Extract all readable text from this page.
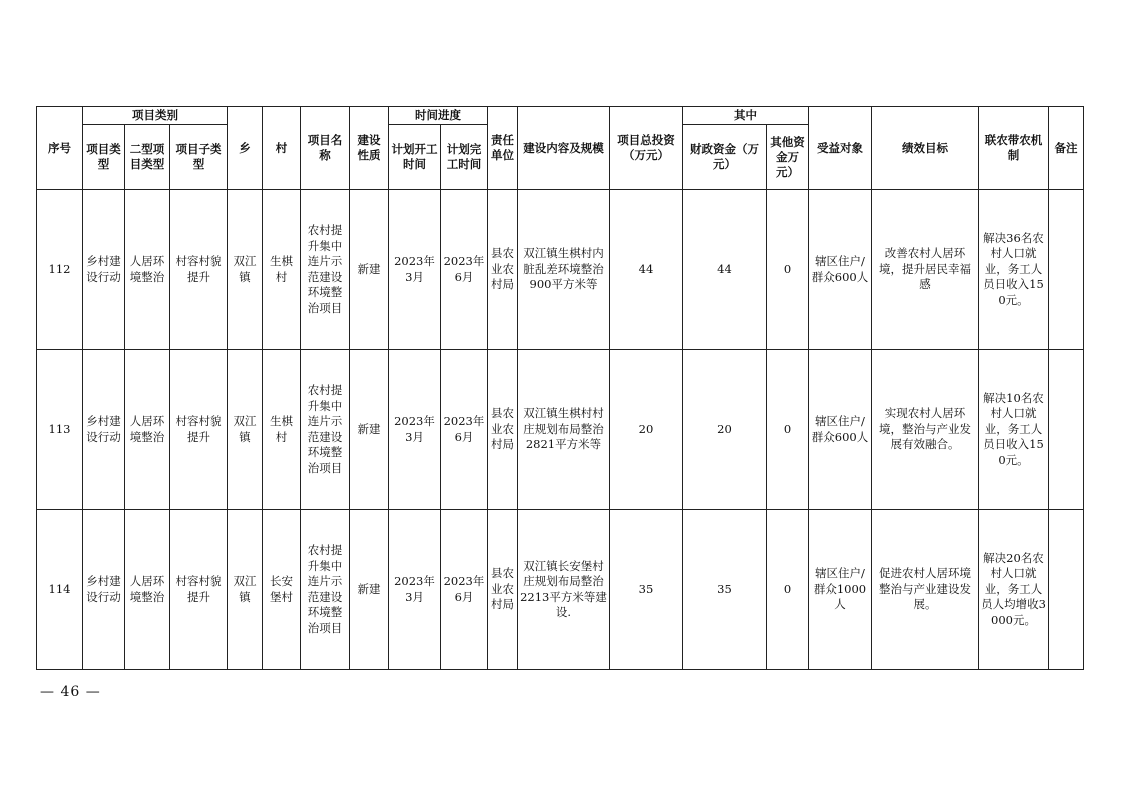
序号	项目类别			乡	村	项目名称	建设性质	时间进度		责任单位	建设内容及规模	项目总投资（万元）	其中		受益对象	绩效目标	联农带农机制	备注
	项目类型	二型项目类型	项目子类型					计划开工时间	计划完工时间				财政资金（万元）	其他资金万元）				
112	乡村建设行动	人居环境整治	村容村貌提升	双江镇	生棋村	农村提升集中连片示范建设环境整治项目	新建	2023年3月	2023年6月	县农业农村局	双江镇生棋村内脏乱差环境整治900平方米等	44	44	0	辖区住户/群众600人	改善农村人居环境，提升居民幸福感	解决36名农村人口就业，务工人员日收入150元。	
113	乡村建设行动	人居环境整治	村容村貌提升	双江镇	生棋村	农村提升集中连片示范建设环境整治项目	新建	2023年3月	2023年6月	县农业农村局	双江镇生棋村村庄规划布局整治2821平方米等	20	20	0	辖区住户/群众600人	实现农村人居环境，整治与产业发展有效融合。	解决10名农村人口就业，务工人员日收入150元。	
114	乡村建设行动	人居环境整治	村容村貌提升	双江镇	长安堡村	农村提升集中连片示范建设环境整治项目	新建	2023年3月	2023年6月	县农业农村局	双江镇长安堡村庄规划布局整治2213平方米等建设.	35	35	0	辖区住户/群众1000人	促进农村人居环境整治与产业建设发展。	解决20名农村人口就业，务工人员人均增收3000元。	
— 46 —
